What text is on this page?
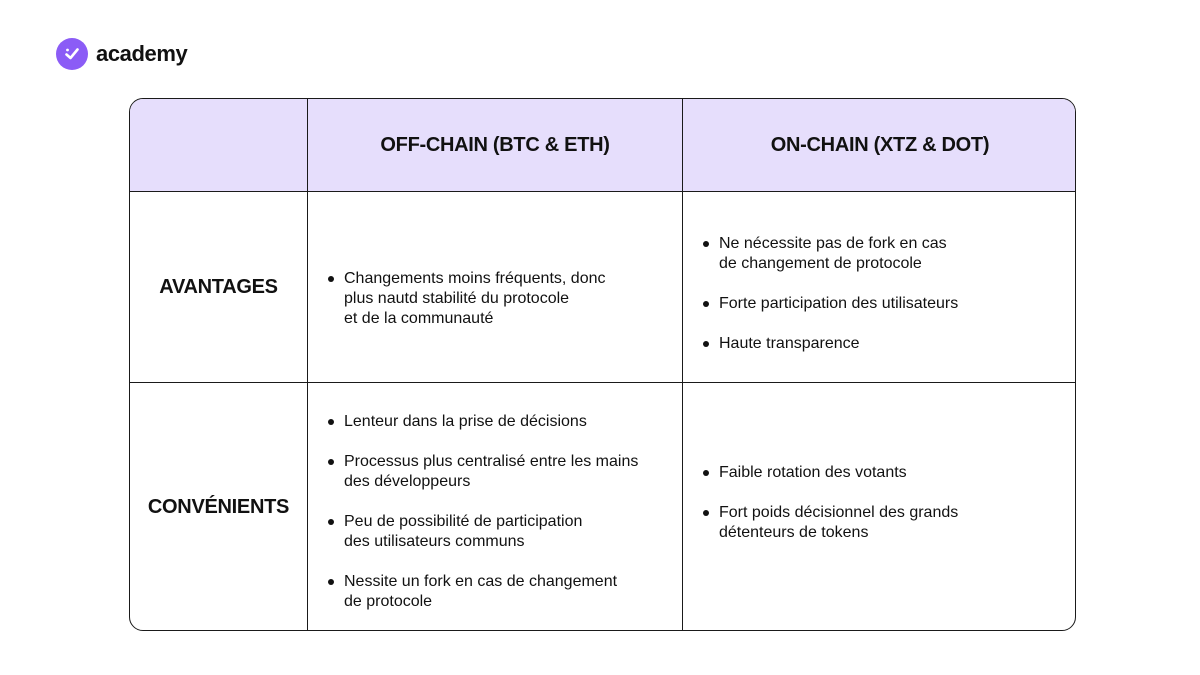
academy
OFF-CHAIN (BTC & ETH)	ON-CHAIN (XTZ & DOT)
AVANTAGES	Changements moins fréquents, donc
plus nautd stabilité du protocole
et de la communauté
Ne nécessite pas de fork en cas
de changement de protocole
Forte participation des utilisateurs
Haute transparence
CONVÉNIENTS
Lenteur dans la prise de décisions
Processus plus centralisé entre les mains
des développeurs
Peu de possibilité de participation
des utilisateurs communs
Nessite un fork en cas de changement
de protocole
Faible rotation des votants
Fort poids décisionnel des grands
détenteurs de tokens
